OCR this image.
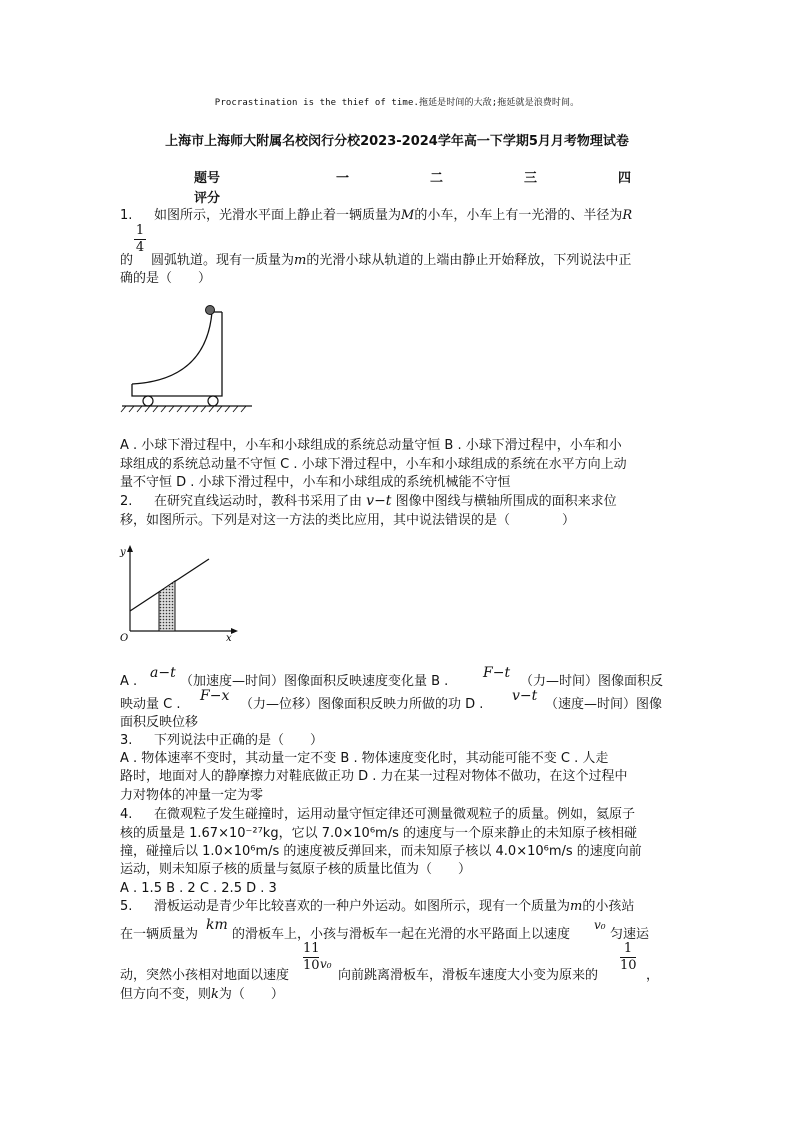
Procrastination is the thief of time.拖延是时间的大敌;拖延就是浪费时间。
上海市上海师大附属名校闵行分校2023-2024学年高一下学期5月月考物理试卷
题号	一	二	三	四
评分
1. 如图所示，光滑水平面上静止着一辆质量为M的小车，小车上有一光滑的、半径为R
1
4
的 圆弧轨道。现有一质量为m的光滑小球从轨道的上端由静止开始释放，下列说法中正
确的是（　　）
A . 小球下滑过程中，小车和小球组成的系统总动量守恒 B . 小球下滑过程中，小车和小
球组成的系统总动量不守恒 C . 小球下滑过程中，小车和小球组成的系统在水平方向上动
量不守恒 D . 小球下滑过程中，小车和小球组成的系统机械能不守恒
2. 在研究直线运动时，教科书采用了由 v−t 图像中图线与横轴所围成的面积来求位
移，如图所示。下列是对这一方法的类比应用，其中说法错误的是（　　　　）
y
x
O
A .
a−t
（加速度—时间）图像面积反映速度变化量 B .
F−t
（力—时间）图像面积反
映动量 C .
F−x
（力—位移）图像面积反映力所做的功 D .
v−t
（速度—时间）图像
面积反映位移
3. 下列说法中正确的是（　　）
A . 物体速率不变时，其动量一定不变 B . 物体速度变化时，其动能可能不变 C . 人走
路时，地面对人的静摩擦力对鞋底做正功 D . 力在某一过程对物体不做功，在这个过程中
力对物体的冲量一定为零
4. 在微观粒子发生碰撞时，运用动量守恒定律还可测量微观粒子的质量。例如，氦原子
核的质量是 1.67×10⁻²⁷kg，它以 7.0×10⁶m/s 的速度与一个原来静止的未知原子核相碰
撞，碰撞后以 1.0×10⁶m/s 的速度被反弹回来，而未知原子核以 4.0×10⁶m/s 的速度向前
运动，则未知原子核的质量与氦原子核的质量比值为（　　）
A . 1.5 B . 2 C . 2.5 D . 3
5. 滑板运动是青少年比较喜欢的一种户外运动。如图所示，现有一个质量为m的小孩站
在一辆质量为
km
的滑板车上，小孩与滑板车一起在光滑的水平路面上以速度
v₀
匀速运
动，突然小孩相对地面以速度
11
10 v₀
向前跳离滑板车，滑板车速度大小变为原来的
1
10
，
但方向不变，则k为（　　）
